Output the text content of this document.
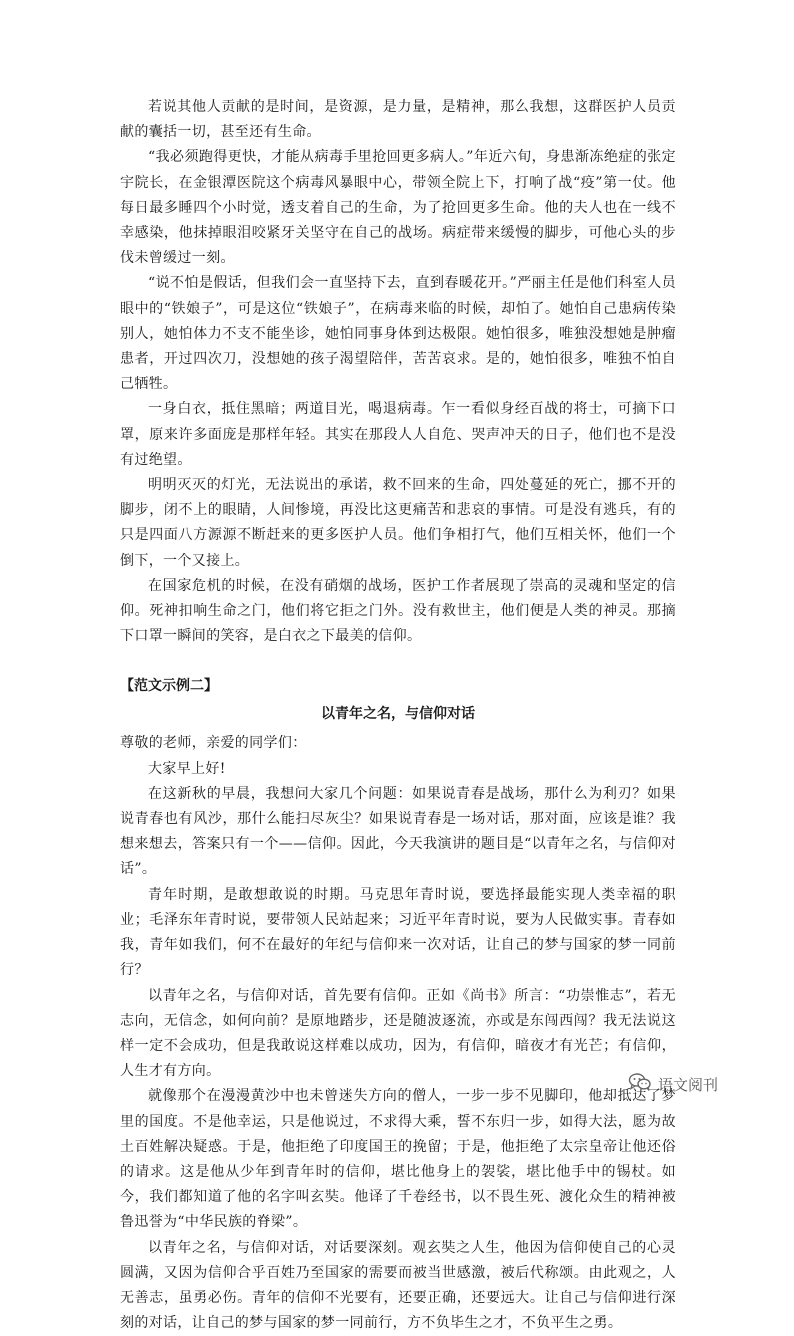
若说其他人贡献的是时间，是资源，是力量，是精神，那么我想，这群医护人员贡献的囊括一切，甚至还有生命。

“我必须跑得更快，才能从病毒手里抢回更多病人。”年近六旬，身患渐冻绝症的张定宇院长，在金银潭医院这个病毒风暴眼中心，带领全院上下，打响了战“疫”第一仗。他每日最多睡四个小时觉，透支着自己的生命，为了抢回更多生命。他的夫人也在一线不幸感染，他抹掉眼泪咬紧牙关坚守在自己的战场。病症带来缓慢的脚步，可他心头的步伐未曾缓过一刻。

“说不怕是假话，但我们会一直坚持下去，直到春暖花开。”严丽主任是他们科室人员眼中的“铁娘子”，可是这位“铁娘子”，在病毒来临的时候，却怕了。她怕自己患病传染别人，她怕体力不支不能坐诊，她怕同事身体到达极限。她怕很多，唯独没想她是肿瘤患者，开过四次刀，没想她的孩子渴望陪伴，苦苦哀求。是的，她怕很多，唯独不怕自己牺牲。

一身白衣，抵住黑暗；两道目光，喝退病毒。乍一看似身经百战的将士，可摘下口罩，原来许多面庞是那样年轻。其实在那段人人自危、哭声冲天的日子，他们也不是没有过绝望。

明明灭灭的灯光，无法说出的承诺，救不回来的生命，四处蔓延的死亡，挪不开的脚步，闭不上的眼睛，人间惨境，再没比这更痛苦和悲哀的事情。可是没有逃兵，有的只是四面八方源源不断赶来的更多医护人员。他们争相打气，他们互相关怀，他们一个倒下，一个又接上。

在国家危机的时候，在没有硝烟的战场，医护工作者展现了崇高的灵魂和坚定的信仰。死神扣响生命之门，他们将它拒之门外。没有救世主，他们便是人类的神灵。那摘下口罩一瞬间的笑容，是白衣之下最美的信仰。

【范文示例二】

以青年之名，与信仰对话

尊敬的老师，亲爱的同学们：

大家早上好!

在这新秋的早晨，我想问大家几个问题：如果说青春是战场，那什么为利刃？如果说青春也有风沙，那什么能扫尽灰尘？如果说青春是一场对话，那对面，应该是谁？我想来想去，答案只有一个——信仰。因此，今天我演讲的题目是“以青年之名，与信仰对话”。

青年时期，是敢想敢说的时期。马克思年青时说，要选择最能实现人类幸福的职业；毛泽东年青时说，要带领人民站起来；习近平年青时说，要为人民做实事。青春如我，青年如我们，何不在最好的年纪与信仰来一次对话，让自己的梦与国家的梦一同前行？

以青年之名，与信仰对话，首先要有信仰。正如《尚书》所言：“功崇惟志”，若无志向，无信念，如何向前？是原地踏步，还是随波逐流，亦或是东闯西闯？我无法说这样一定不会成功，但是我敢说这样难以成功，因为，有信仰，暗夜才有光芒；有信仰，人生才有方向。

就像那个在漫漫黄沙中也未曾迷失方向的僧人，一步一步不见脚印，他却抵达了梦里的国度。不是他幸运，只是他说过，不求得大乘，誓不东归一步，如得大法，愿为故土百姓解决疑惑。于是，他拒绝了印度国王的挽留；于是，他拒绝了太宗皇帝让他还俗的请求。这是他从少年到青年时的信仰，堪比他身上的袈裟，堪比他手中的锡杖。如今，我们都知道了他的名字叫玄奘。他译了千卷经书，以不畏生死、渡化众生的精神被鲁迅誉为“中华民族的脊梁”。

以青年之名，与信仰对话，对话要深刻。观玄奘之人生，他因为信仰使自己的心灵圆满，又因为信仰合乎百姓乃至国家的需要而被当世感激，被后代称颂。由此观之，人无善志，虽勇必伤。青年的信仰不光要有，还要正确，还要远大。让自己与信仰进行深刻的对话，让自己的梦与国家的梦一同前行，方不负毕生之才，不负平生之勇。

语文阅刊
